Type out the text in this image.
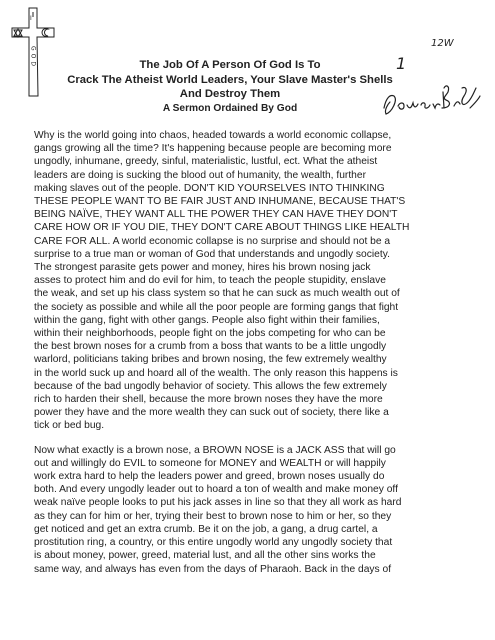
I
GOD
12W
1
The Job Of A Person Of God Is To
Crack The Atheist World Leaders, Your Slave Master's Shells
And Destroy Them
A Sermon Ordained By God

Why is the world going into chaos, headed towards a world economic collapse,
gangs growing all the time? It's happening because people are becoming more
ungodly, inhumane, greedy, sinful, materialistic, lustful, ect. What the atheist
leaders are doing is sucking the blood out of humanity, the wealth, further
making slaves out of the people. DON'T KID YOURSELVES INTO THINKING
THESE PEOPLE WANT TO BE FAIR JUST AND INHUMANE, BECAUSE THAT'S
BEING NAÏVE, THEY WANT ALL THE POWER THEY CAN HAVE THEY DON'T
CARE HOW OR IF YOU DIE, THEY DON'T CARE ABOUT THINGS LIKE HEALTH
CARE FOR ALL. A world economic collapse is no surprise and should not be a
surprise to a true man or woman of God that understands and ungodly society.
The strongest parasite gets power and money, hires his brown nosing jack
asses to protect him and do evil for him, to teach the people stupidity, enslave
the weak, and set up his class system so that he can suck as much wealth out of
the society as possible and while all the poor people are forming gangs that fight
within the gang, fight with other gangs. People also fight within their families,
within their neighborhoods, people fight on the jobs competing for who can be
the best brown noses for a crumb from a boss that wants to be a little ungodly
warlord, politicians taking bribes and brown nosing, the few extremely wealthy
in the world suck up and hoard all of the wealth. The only reason this happens is
because of the bad ungodly behavior of society. This allows the few extremely
rich to harden their shell, because the more brown noses they have the more
power they have and the more wealth they can suck out of society, there like a
tick or bed bug.

Now what exactly is a brown nose, a BROWN NOSE is a JACK ASS that will go
out and willingly do EVIL to someone for MONEY and WEALTH or will happily
work extra hard to help the leaders power and greed, brown noses usually do
both. And every ungodly leader out to hoard a ton of wealth and make money off
weak naïve people looks to put his jack asses in line so that they all work as hard
as they can for him or her, trying their best to brown nose to him or her, so they
get noticed and get an extra crumb. Be it on the job, a gang, a drug cartel, a
prostitution ring, a country, or this entire ungodly world any ungodly society that
is about money, power, greed, material lust, and all the other sins works the
same way, and always has even from the days of Pharaoh. Back in the days of
